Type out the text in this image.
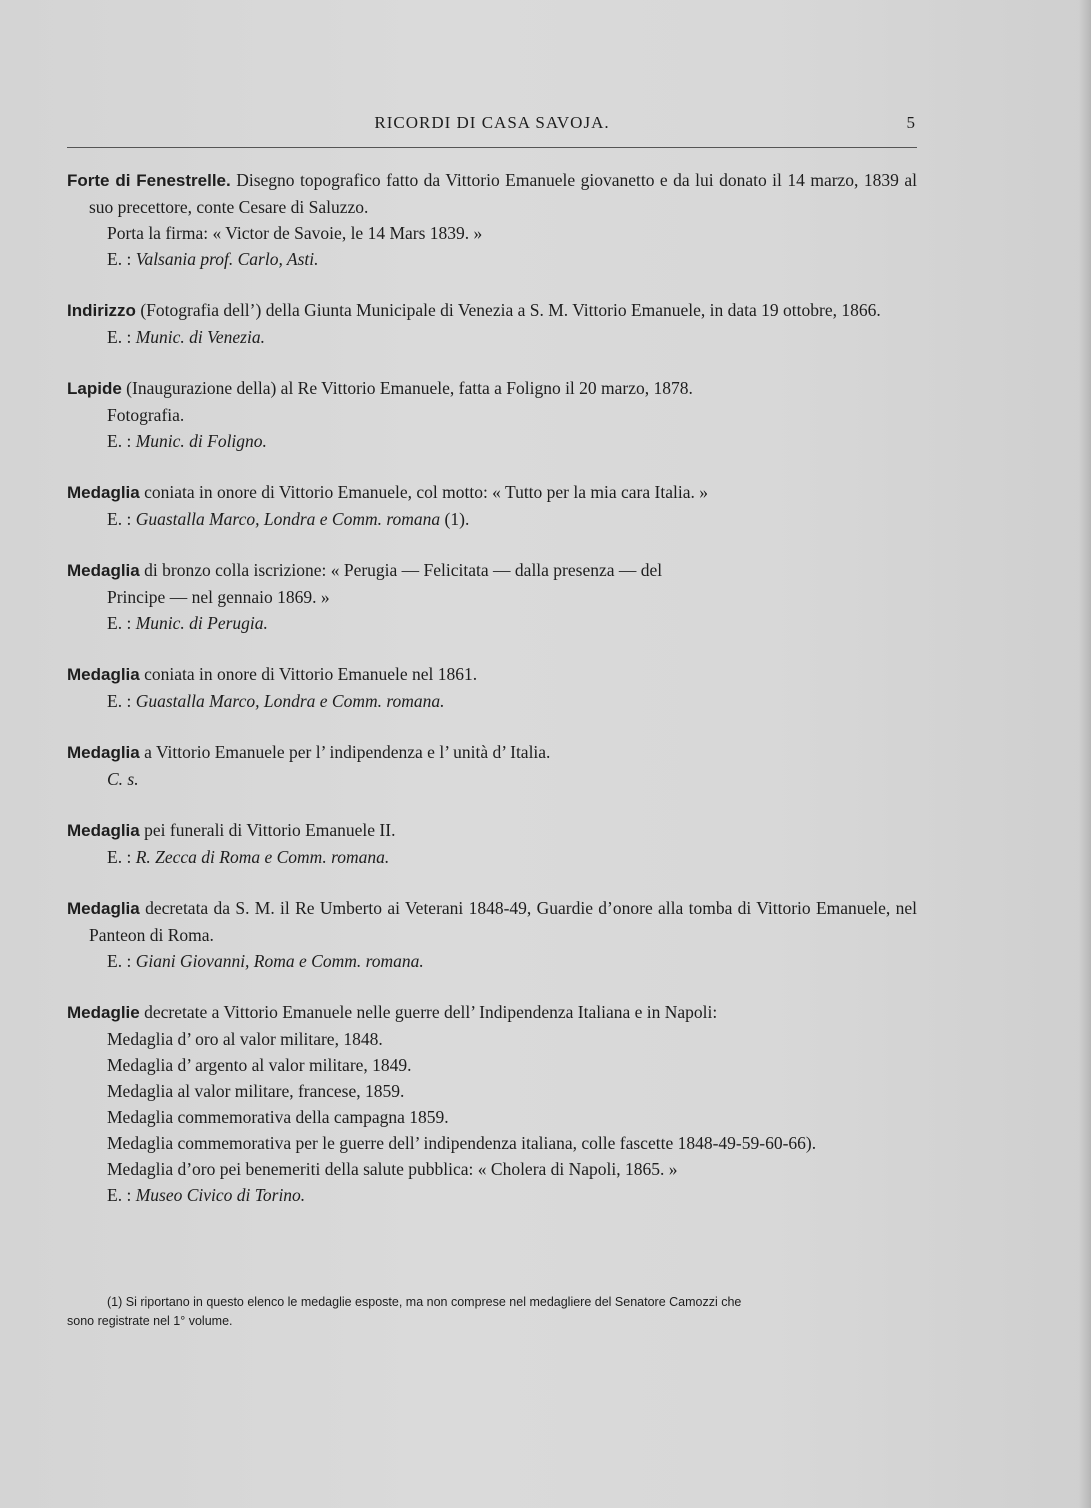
RICORDI DI CASA SAVOJA.	5

Forte di Fenestrelle. Disegno topografico fatto da Vittorio Emanuele giovanetto e da lui donato il 14 marzo, 1839 al suo precettore, conte Cesare di Saluzzo.

Porta la firma: « Victor de Savoie, le 14 Mars 1839. »

E. : Valsania prof. Carlo, Asti.

Indirizzo (Fotografia dell’) della Giunta Municipale di Venezia a S. M. Vittorio Emanuele, in data 19 ottobre, 1866.

E. : Munic. di Venezia.

Lapide (Inaugurazione della) al Re Vittorio Emanuele, fatta a Foligno il 20 marzo, 1878.

Fotografia.

E. : Munic. di Foligno.

Medaglia coniata in onore di Vittorio Emanuele, col motto: « Tutto per la mia cara Italia. »

E. : Guastalla Marco, Londra e Comm. romana (1).

Medaglia di bronzo colla iscrizione: « Perugia — Felicitata — dalla presenza — del

Principe — nel gennaio 1869. »

E. : Munic. di Perugia.

Medaglia coniata in onore di Vittorio Emanuele nel 1861.

E. : Guastalla Marco, Londra e Comm. romana.

Medaglia a Vittorio Emanuele per l’ indipendenza e l’ unità d’ Italia.

C. s.

Medaglia pei funerali di Vittorio Emanuele II.

E. : R. Zecca di Roma e Comm. romana.

Medaglia decretata da S. M. il Re Umberto ai Veterani 1848-49, Guardie d’onore alla tomba di Vittorio Emanuele, nel Panteon di Roma.

E. : Giani Giovanni, Roma e Comm. romana.

Medaglie decretate a Vittorio Emanuele nelle guerre dell’ Indipendenza Italiana e in Napoli:

Medaglia d’ oro al valor militare, 1848.

Medaglia d’ argento al valor militare, 1849.

Medaglia al valor militare, francese, 1859.

Medaglia commemorativa della campagna 1859.

Medaglia commemorativa per le guerre dell’ indipendenza italiana, colle fascette 1848-49-59-60-66).

Medaglia d’oro pei benemeriti della salute pubblica: « Cholera di Napoli, 1865. »

E. : Museo Civico di Torino.

(1) Si riportano in questo elenco le medaglie esposte, ma non comprese nel medagliere del Senatore Camozzi che

sono registrate nel 1° volume.
